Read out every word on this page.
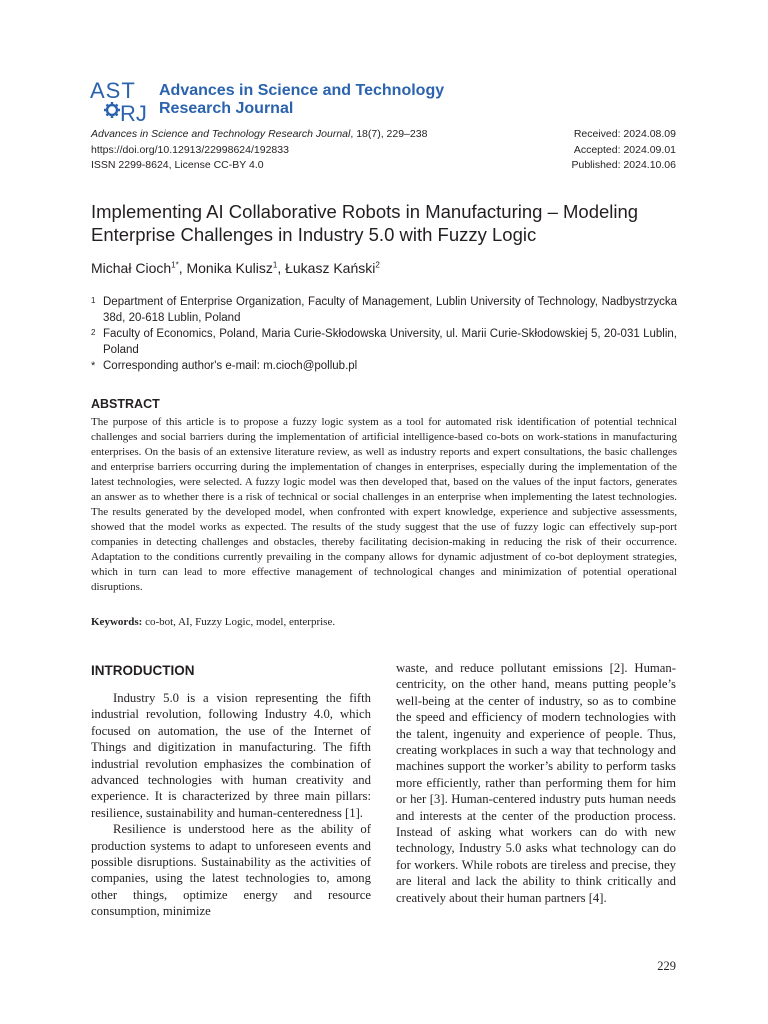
AST
RJ
Advances in Science and Technology
Research Journal
Advances in Science and Technology Research Journal, 18(7), 229–238
https://doi.org/10.12913/22998624/192833
ISSN 2299-8624, License CC-BY 4.0
Received: 2024.08.09
Accepted: 2024.09.01
Published: 2024.10.06
Implementing AI Collaborative Robots in Manufacturing – Modeling Enterprise Challenges in Industry 5.0 with Fuzzy Logic
Michał Cioch$^{1*}$, Monika Kulisz$^1$, Łukasz Kański$^2$
1 Department of Enterprise Organization, Faculty of Management, Lublin University of Technology, Nadbystrzycka 38d, 20-618 Lublin, Poland
2 Faculty of Economics, Poland, Maria Curie-Skłodowska University, ul. Marii Curie-Skłodowskiej 5, 20-031 Lublin, Poland
* Corresponding author's e-mail: m.cioch@pollub.pl
ABSTRACT

The purpose of this article is to propose a fuzzy logic system as a tool for automated risk identification of potential technical challenges and social barriers during the implementation of artificial intelligence-based co-bots on work-stations in manufacturing enterprises. On the basis of an extensive literature review, as well as industry reports and expert consultations, the basic challenges and enterprise barriers occurring during the implementation of changes in enterprises, especially during the implementation of the latest technologies, were selected. A fuzzy logic model was then developed that, based on the values of the input factors, generates an answer as to whether there is a risk of technical or social challenges in an enterprise when implementing the latest technologies. The results generated by the developed model, when confronted with expert knowledge, experience and subjective assessments, showed that the model works as expected. The results of the study suggest that the use of fuzzy logic can effectively sup-port companies in detecting challenges and obstacles, thereby facilitating decision-making in reducing the risk of their occurrence. Adaptation to the conditions currently prevailing in the company allows for dynamic adjustment of co-bot deployment strategies, which in turn can lead to more effective management of technological changes and minimization of potential operational disruptions.

Keywords: co-bot, AI, Fuzzy Logic, model, enterprise.
INTRODUCTION

Industry 5.0 is a vision representing the fifth industrial revolution, following Industry 4.0, which focused on automation, the use of the Internet of Things and digitization in manufacturing. The fifth industrial revolution emphasizes the combination of advanced technologies with human creativity and experience. It is characterized by three main pillars: resilience, sustainability and human-centeredness [1].

Resilience is understood here as the ability of production systems to adapt to unforeseen events and possible disruptions. Sustainability as the activities of companies, using the latest technologies to, among other things, optimize energy and resource consumption, minimize

waste, and reduce pollutant emissions [2]. Human-centricity, on the other hand, means putting people’s well-being at the center of industry, so as to combine the speed and efficiency of modern technologies with the talent, ingenuity and experience of people. Thus, creating workplaces in such a way that technology and machines support the worker’s ability to perform tasks more efficiently, rather than performing them for him or her [3]. Human-centered industry puts human needs and interests at the center of the production process. Instead of asking what workers can do with new technology, Industry 5.0 asks what technology can do for workers. While robots are tireless and precise, they are literal and lack the ability to think critically and creatively about their human partners [4].

229
